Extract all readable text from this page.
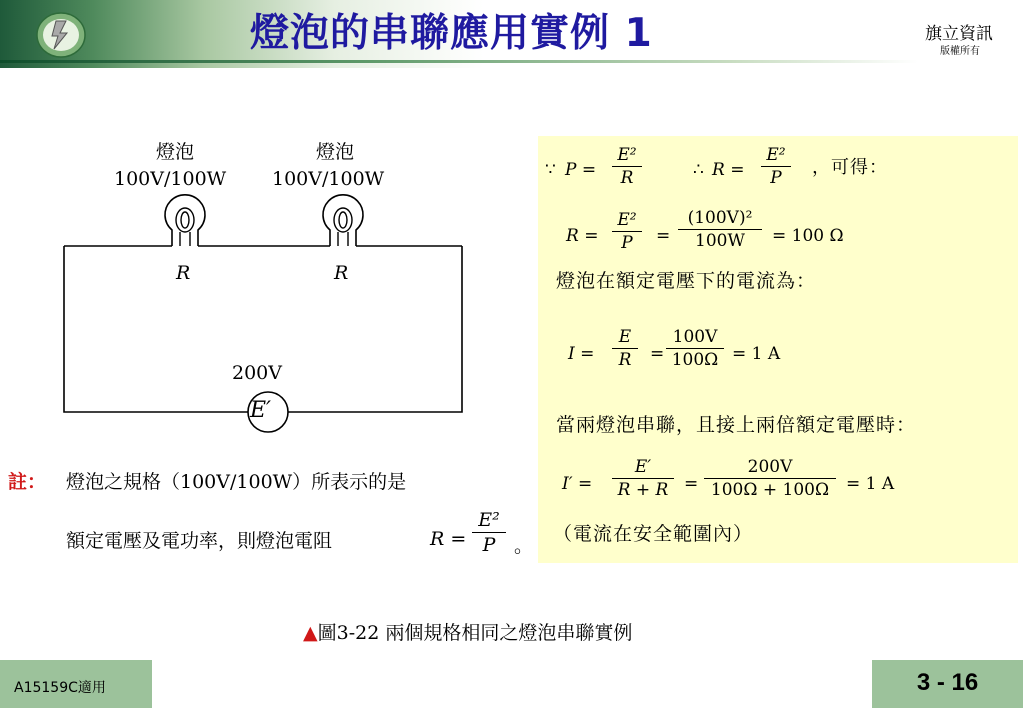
燈泡的串聯應用實例 1	旗立資訊
版權所有
燈泡
100V/100W
燈泡
100V/100W
R	R
200V
E′
註： 燈泡之規格（100V/100W）所表示的是
額定電壓及電功率，則燈泡電阻	$R = \frac{\text{E²}}{P}$ 。
∵ $P = \frac{\text{E²}}{R}$	∴ $R = \frac{\text{E²}}{P}$ ，可得：
$R = \frac{\text{E²}}{P} = \frac{\text{(100V)²}}{100W} = 100$ Ω
燈泡在額定電壓下的電流為：
$I = \frac{E}{R} = \frac{100V}{100\Omega} = 1$ A
當兩燈泡串聯，且接上兩倍額定電壓時：
$I' = \frac{E'}{R + R} = \frac{200V}{100\Omega + 100\Omega} = 1$ A
（電流在安全範圍內）
▲圖3-22 兩個規格相同之燈泡串聯實例
A15159C適用	3 - 16
